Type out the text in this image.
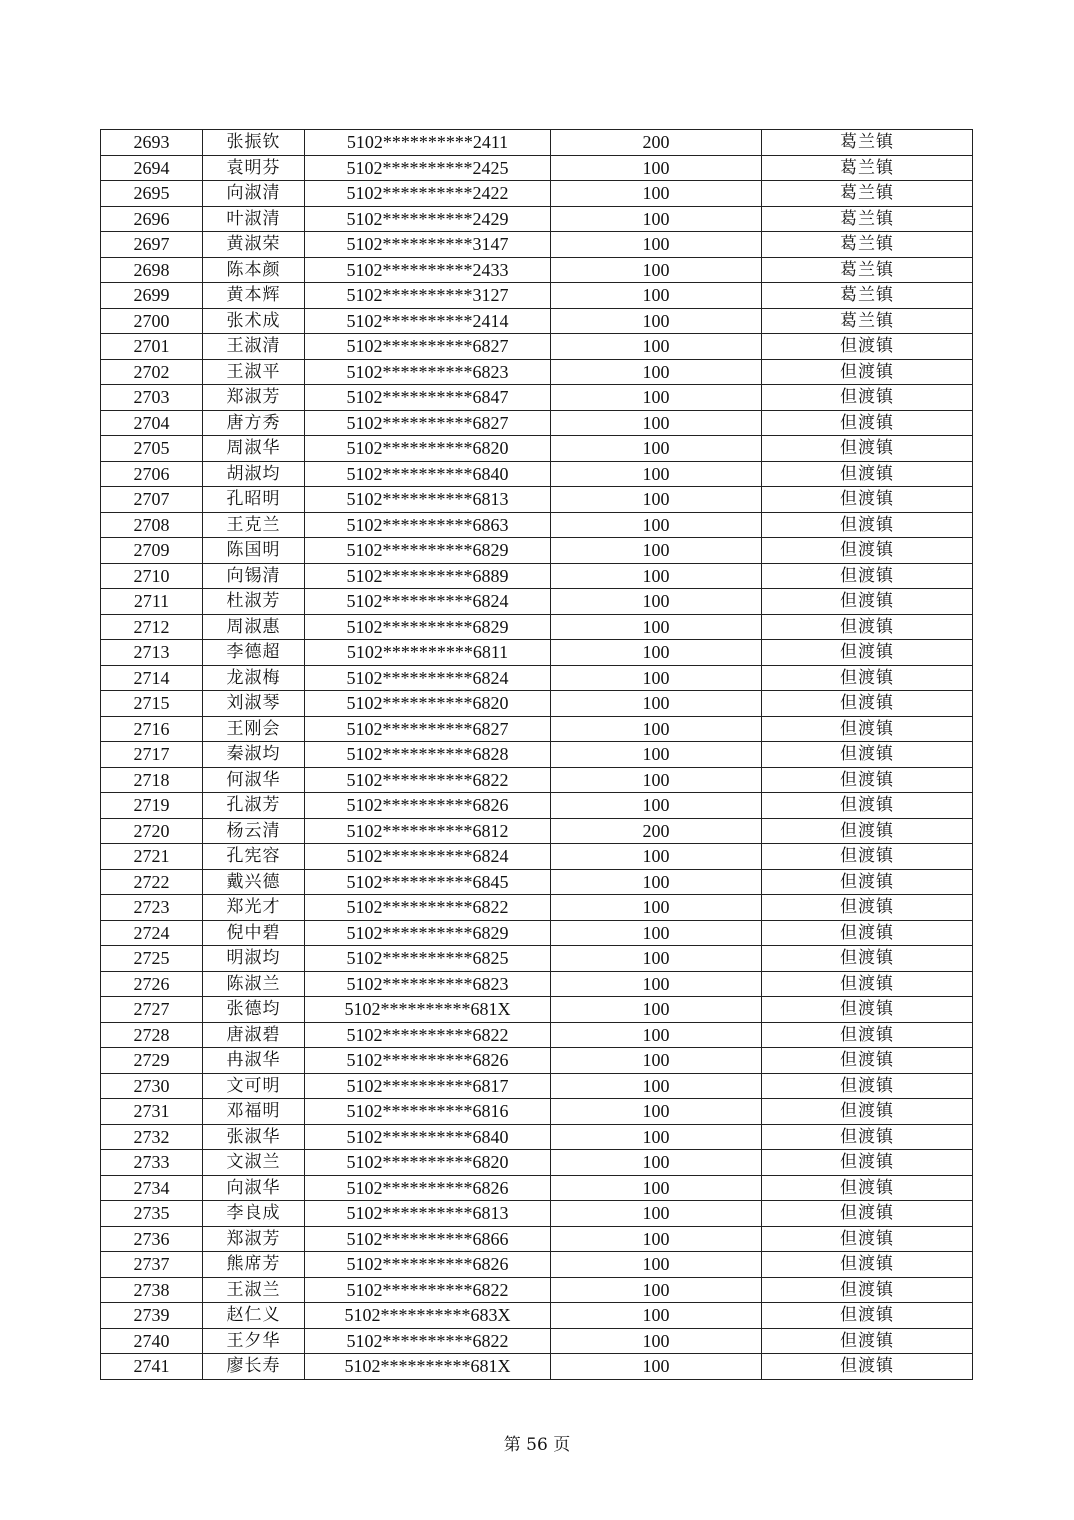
2693	张振钦	5102**********2411	200	葛兰镇
2694	袁明芬	5102**********2425	100	葛兰镇
2695	向淑清	5102**********2422	100	葛兰镇
2696	叶淑清	5102**********2429	100	葛兰镇
2697	黄淑荣	5102**********3147	100	葛兰镇
2698	陈本颜	5102**********2433	100	葛兰镇
2699	黄本辉	5102**********3127	100	葛兰镇
2700	张术成	5102**********2414	100	葛兰镇
2701	王淑清	5102**********6827	100	但渡镇
2702	王淑平	5102**********6823	100	但渡镇
2703	郑淑芳	5102**********6847	100	但渡镇
2704	唐方秀	5102**********6827	100	但渡镇
2705	周淑华	5102**********6820	100	但渡镇
2706	胡淑均	5102**********6840	100	但渡镇
2707	孔昭明	5102**********6813	100	但渡镇
2708	王克兰	5102**********6863	100	但渡镇
2709	陈国明	5102**********6829	100	但渡镇
2710	向锡清	5102**********6889	100	但渡镇
2711	杜淑芳	5102**********6824	100	但渡镇
2712	周淑惠	5102**********6829	100	但渡镇
2713	李德超	5102**********6811	100	但渡镇
2714	龙淑梅	5102**********6824	100	但渡镇
2715	刘淑琴	5102**********6820	100	但渡镇
2716	王刚会	5102**********6827	100	但渡镇
2717	秦淑均	5102**********6828	100	但渡镇
2718	何淑华	5102**********6822	100	但渡镇
2719	孔淑芳	5102**********6826	100	但渡镇
2720	杨云清	5102**********6812	200	但渡镇
2721	孔宪容	5102**********6824	100	但渡镇
2722	戴兴德	5102**********6845	100	但渡镇
2723	郑光才	5102**********6822	100	但渡镇
2724	倪中碧	5102**********6829	100	但渡镇
2725	明淑均	5102**********6825	100	但渡镇
2726	陈淑兰	5102**********6823	100	但渡镇
2727	张德均	5102**********681X	100	但渡镇
2728	唐淑碧	5102**********6822	100	但渡镇
2729	冉淑华	5102**********6826	100	但渡镇
2730	文可明	5102**********6817	100	但渡镇
2731	邓福明	5102**********6816	100	但渡镇
2732	张淑华	5102**********6840	100	但渡镇
2733	文淑兰	5102**********6820	100	但渡镇
2734	向淑华	5102**********6826	100	但渡镇
2735	李良成	5102**********6813	100	但渡镇
2736	郑淑芳	5102**********6866	100	但渡镇
2737	熊席芳	5102**********6826	100	但渡镇
2738	王淑兰	5102**********6822	100	但渡镇
2739	赵仁义	5102**********683X	100	但渡镇
2740	王夕华	5102**********6822	100	但渡镇
2741	廖长寿	5102**********681X	100	但渡镇
第 56 页
